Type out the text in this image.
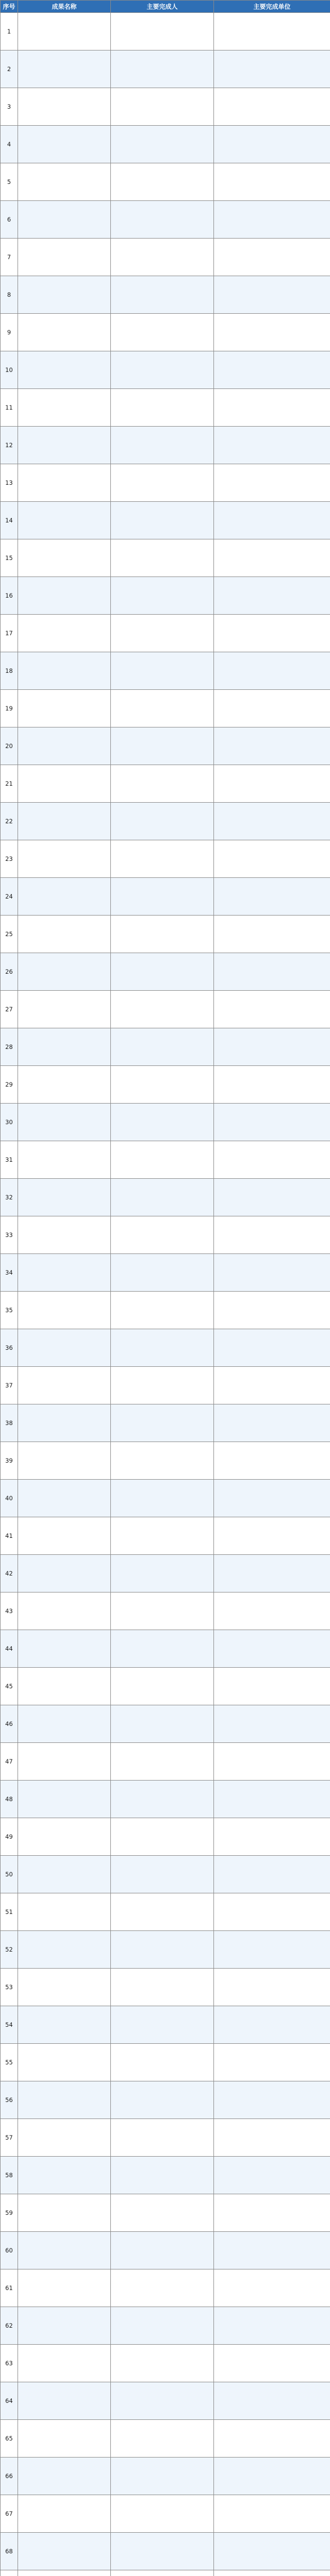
序号	成果名称	主要完成人	主要完成单位
1			
2			
3			
4			
5			
6			
7			
8			
9			
10			
11			
12			
13			
14			
15			
16			
17			
18			
19			
20			
21			
22			
23			
24			
25			
26			
27			
28			
29			
30			
31			
32			
33			
34			
35			
36			
37			
38			
39			
40			
41			
42			
43			
44			
45			
46			
47			
48			
49			
50			
51			
52			
53			
54			
55			
56			
57			
58			
59			
60			
61			
62			
63			
64			
65			
66			
67			
68			
